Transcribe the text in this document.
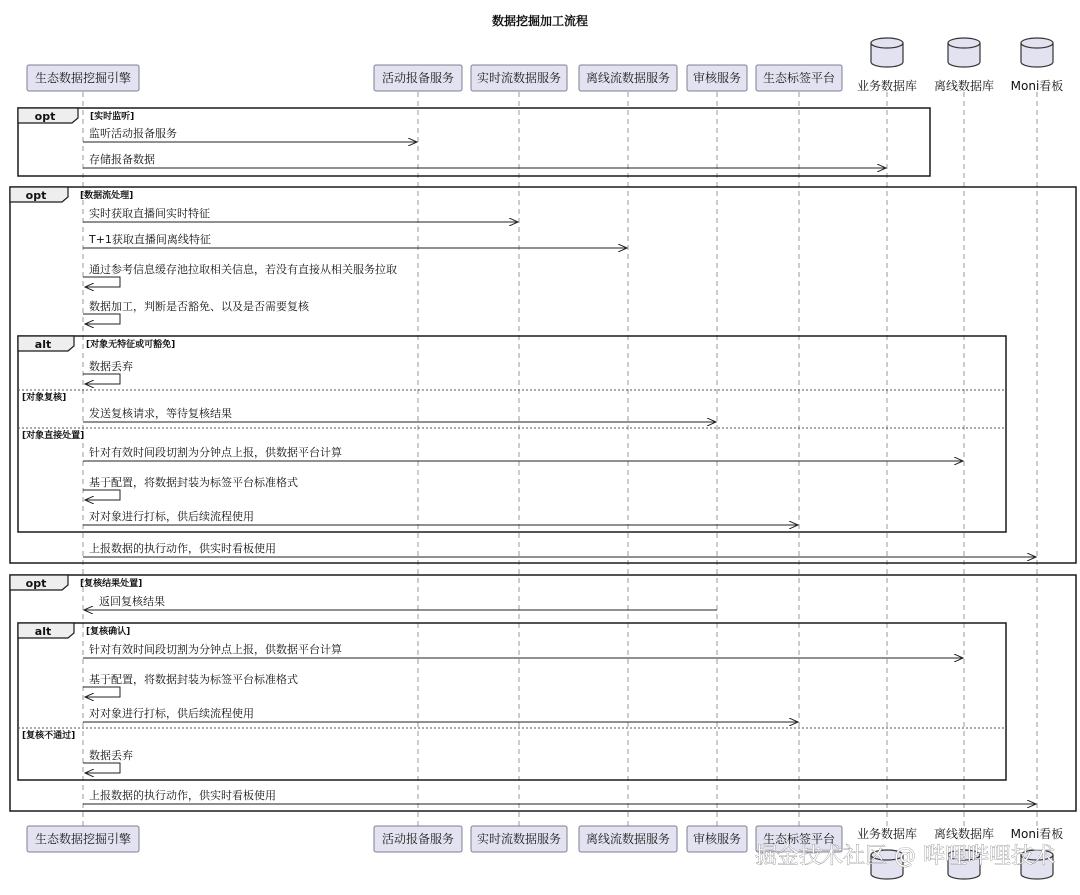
数据挖掘加工流程
opt	[实时监听]
opt	[数据流处理]
alt	[对象无特征或可豁免]
[对象复核]
[对象直接处置]
opt	[复核结果处置]
alt	[复核确认]
[复核不通过]
监听活动报备服务
存储报备数据
实时获取直播间实时特征
T+1获取直播间离线特征
通过参考信息缓存池拉取相关信息，若没有直接从相关服务拉取
数据加工，判断是否豁免、以及是否需要复核
数据丢弃
发送复核请求，等待复核结果
针对有效时间段切割为分钟点上报，供数据平台计算
基于配置，将数据封装为标签平台标准格式
对对象进行打标，供后续流程使用
上报数据的执行动作，供实时看板使用
返回复核结果
针对有效时间段切割为分钟点上报，供数据平台计算
基于配置，将数据封装为标签平台标准格式
对对象进行打标，供后续流程使用
数据丢弃
上报数据的执行动作，供实时看板使用
生态数据挖掘引擎	活动报备服务 实时流数据服务 离线流数据服务 审核服务 生态标签平台
业务数据库 离线数据库 Moni看板
生态数据挖掘引擎	活动报备服务 实时流数据服务 离线流数据服务 审核服务 生态标签平台 业务数据库 离线数据库 Moni看板
掘金技术社区 @ 哔哩哔哩技术
